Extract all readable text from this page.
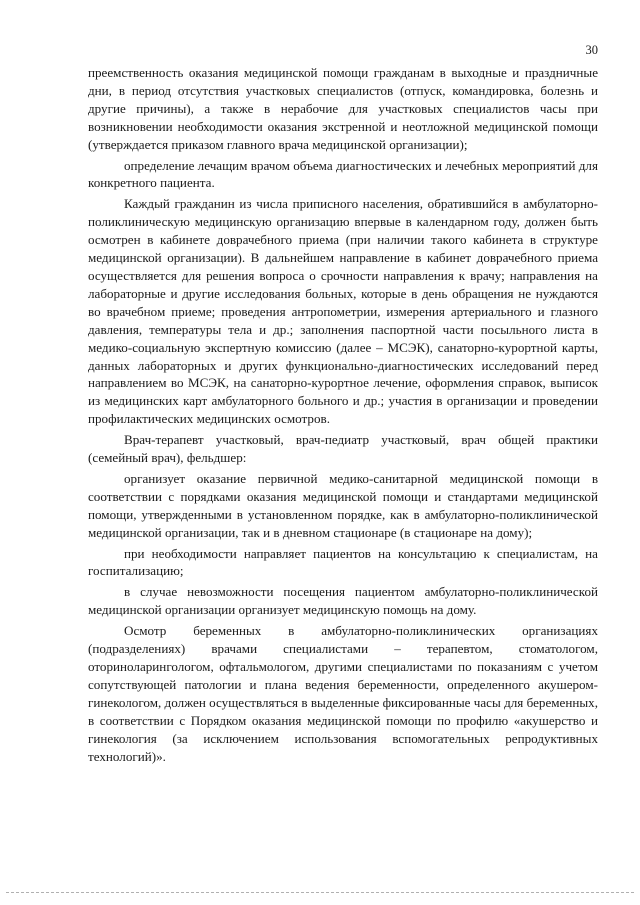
30

преемственность оказания медицинской помощи гражданам в выходные и праздничные дни, в период отсутствия участковых специалистов (отпуск, командировка, болезнь и другие причины), а также в нерабочие для участковых специалистов часы при возникновении необходимости оказания экстренной и неотложной медицинской помощи (утверждается приказом главного врача медицинской организации);

определение лечащим врачом объема диагностических и лечебных мероприятий для конкретного пациента.

Каждый гражданин из числа приписного населения, обратившийся в амбулаторно-поликлиническую медицинскую организацию впервые в календарном году, должен быть осмотрен в кабинете доврачебного приема (при наличии такого кабинета в структуре медицинской организации). В дальнейшем направление в кабинет доврачебного приема осуществляется для решения вопроса о срочности направления к врачу; направления на лабораторные и другие исследования больных, которые в день обращения не нуждаются во врачебном приеме; проведения антропометрии, измерения артериального и глазного давления, температуры тела и др.; заполнения паспортной части посыльного листа в медико-социальную экспертную комиссию (далее – МСЭК), санаторно-курортной карты, данных лабораторных и других функционально-диагностических исследований перед направлением во МСЭК, на санаторно-курортное лечение, оформления справок, выписок из медицинских карт амбулаторного больного и др.; участия в организации и проведении профилактических медицинских осмотров.

Врач-терапевт участковый, врач-педиатр участковый, врач общей практики (семейный врач), фельдшер:

организует оказание первичной медико-санитарной медицинской помощи в соответствии с порядками оказания медицинской помощи и стандартами медицинской помощи, утвержденными в установленном порядке, как в амбулаторно-поликлинической медицинской организации, так и в дневном стационаре (в стационаре на дому);

при необходимости направляет пациентов на консультацию к специалистам, на госпитализацию;

в случае невозможности посещения пациентом амбулаторно-поликлинической медицинской организации организует медицинскую помощь на дому.

Осмотр беременных в амбулаторно-поликлинических организациях (подразделениях) врачами специалистами – терапевтом, стоматологом, оториноларингологом, офтальмологом, другими специалистами по показаниям с учетом сопутствующей патологии и плана ведения беременности, определенного акушером-гинекологом, должен осуществляться в выделенные фиксированные часы для беременных, в соответствии с Порядком оказания медицинской помощи по профилю «акушерство и гинекология (за исключением использования вспомогательных репродуктивных технологий)».
